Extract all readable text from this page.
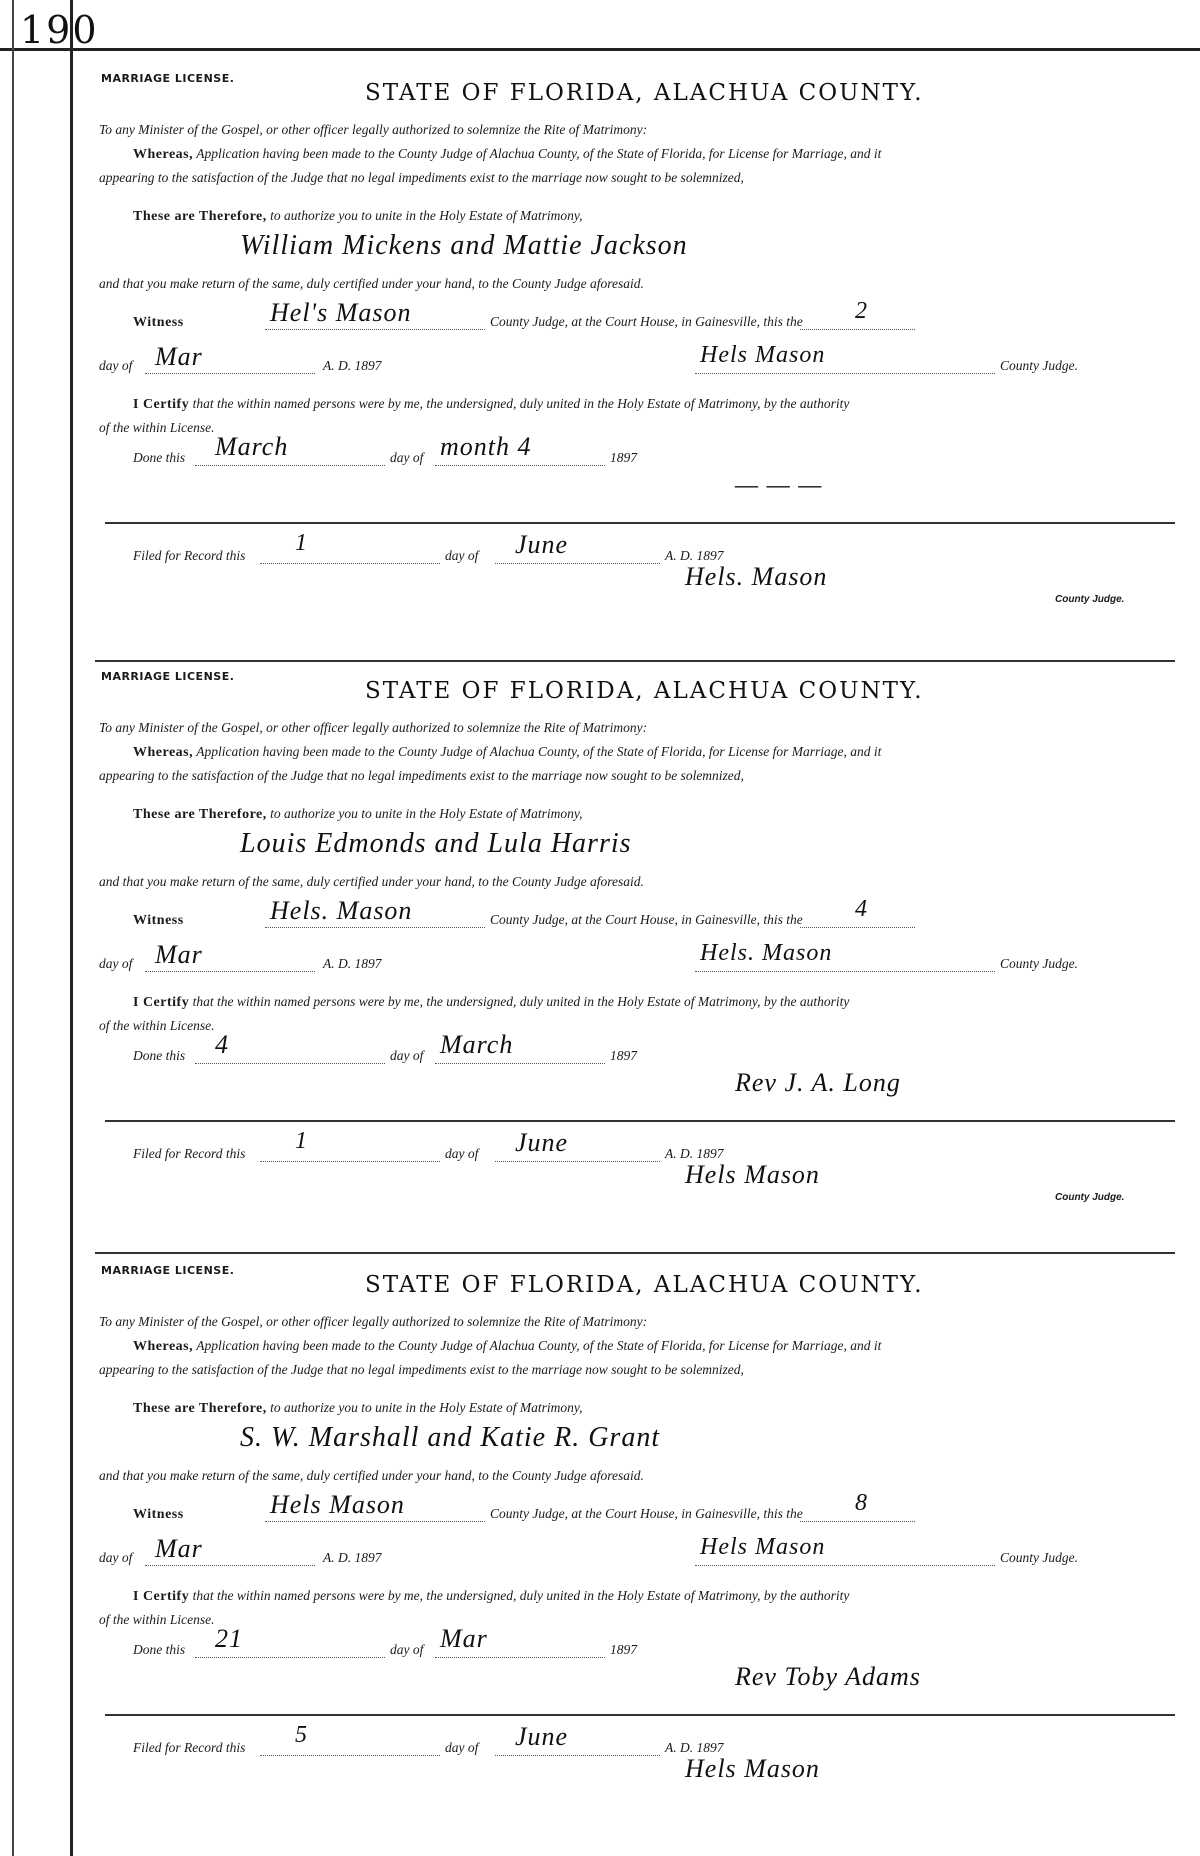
190
MARRIAGE LICENSE.
STATE OF FLORIDA, ALACHUA COUNTY.
To any Minister of the Gospel, or other officer legally authorized to solemnize the Rite of Matrimony:
Whereas, Application having been made to the County Judge of Alachua County, of the State of Florida, for License for Marriage, and it
appearing to the satisfaction of the Judge that no legal impediments exist to the marriage now sought to be solemnized,
These are Therefore, to authorize you to unite in the Holy Estate of Matrimony,
William Mickens and Mattie Jackson
and that you make return of the same, duly certified under your hand, to the County Judge aforesaid.
Witness	Hel's Mason	County Judge, at the Court House, in Gainesville, this the 2
day of Mar	A. D. 1897	Hels Mason	County Judge.
I Certify that the within named persons were by me, the undersigned, duly united in the Holy Estate of Matrimony, by the authority
of the within License.
Done this March	day of month 4	1897
— — —
Filed for Record this 1	day of June	A. D. 1897
Hels. Mason
County Judge.
MARRIAGE LICENSE.
STATE OF FLORIDA, ALACHUA COUNTY.
To any Minister of the Gospel, or other officer legally authorized to solemnize the Rite of Matrimony:
Whereas, Application having been made to the County Judge of Alachua County, of the State of Florida, for License for Marriage, and it
appearing to the satisfaction of the Judge that no legal impediments exist to the marriage now sought to be solemnized,
These are Therefore, to authorize you to unite in the Holy Estate of Matrimony,
Louis Edmonds and Lula Harris
and that you make return of the same, duly certified under your hand, to the County Judge aforesaid.
Witness	Hels. Mason	County Judge, at the Court House, in Gainesville, this the 4
day of Mar	A. D. 1897	Hels. Mason	County Judge.
I Certify that the within named persons were by me, the undersigned, duly united in the Holy Estate of Matrimony, by the authority
of the within License.
Done this 4	day of March	1897
Rev J. A. Long
Filed for Record this 1	day of June	A. D. 1897
Hels Mason
County Judge.
MARRIAGE LICENSE.
STATE OF FLORIDA, ALACHUA COUNTY.
To any Minister of the Gospel, or other officer legally authorized to solemnize the Rite of Matrimony:
Whereas, Application having been made to the County Judge of Alachua County, of the State of Florida, for License for Marriage, and it
appearing to the satisfaction of the Judge that no legal impediments exist to the marriage now sought to be solemnized,
These are Therefore, to authorize you to unite in the Holy Estate of Matrimony,
S. W. Marshall and Katie R. Grant
and that you make return of the same, duly certified under your hand, to the County Judge aforesaid.
Witness	Hels Mason	County Judge, at the Court House, in Gainesville, this the 8
day of Mar	A. D. 1897	Hels Mason	County Judge.
I Certify that the within named persons were by me, the undersigned, duly united in the Holy Estate of Matrimony, by the authority
of the within License.
Done this 21	day of Mar	1897
Rev Toby Adams
Filed for Record this 5	day of June	A. D. 1897
Hels Mason
